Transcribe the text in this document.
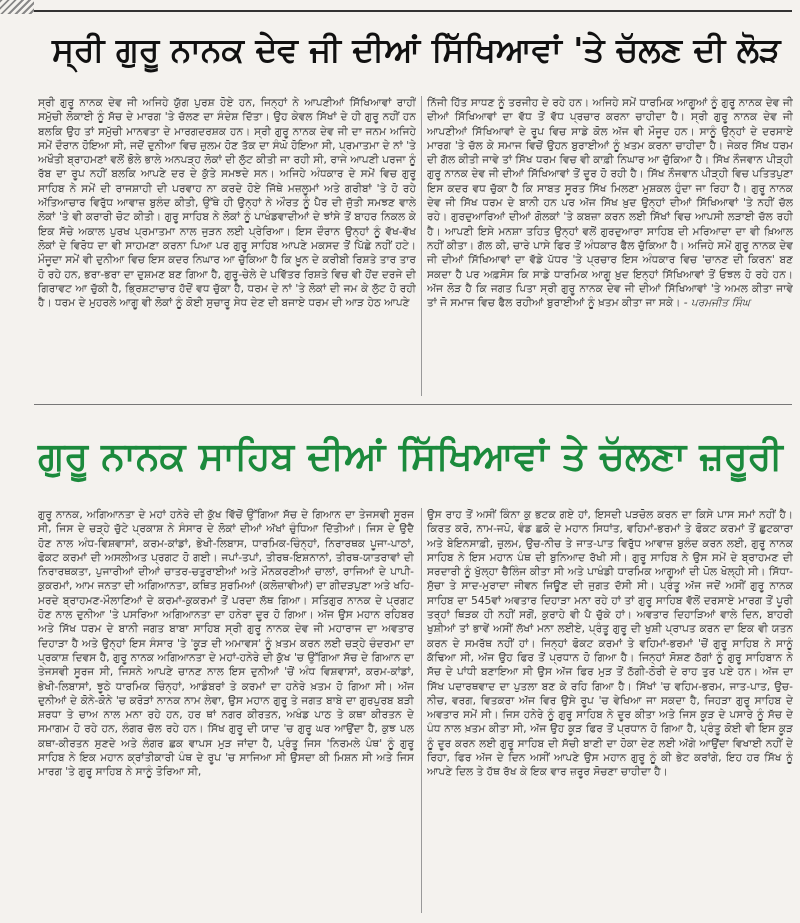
ਸ੍ਰੀ ਗੁਰੂ ਨਾਨਕ ਦੇਵ ਜੀ ਦੀਆਂ ਸਿੱਖਿਆਵਾਂ 'ਤੇ ਚੱਲਣ ਦੀ ਲੋੜ

ਸ੍ਰੀ ਗੁਰੂ ਨਾਨਕ ਦੇਵ ਜੀ ਅਜਿਹੇ ਯੁੱਗ ਪੁਰਸ਼ ਹੋਏ ਹਨ, ਜਿਨ੍ਹਾਂ ਨੇ ਆਪਣੀਆਂ ਸਿੱਖਿਆਵਾਂ ਰਾਹੀਂ ਸਮੁੱਚੀ ਲੋਕਾਈ ਨੂੰ ਸੱਚ ਦੇ ਮਾਰਗ 'ਤੇ ਚੱਲਣ ਦਾ ਸੰਦੇਸ਼ ਦਿੱਤਾ। ਉਹ ਕੇਵਲ ਸਿੱਖਾਂ ਦੇ ਹੀ ਗੁਰੂ ਨਹੀਂ ਹਨ ਬਲਕਿ ਉਹ ਤਾਂ ਸਮੁੱਚੀ ਮਾਨਵਤਾ ਦੇ ਮਾਰਗਦਰਸ਼ਕ ਹਨ। ਸ੍ਰੀ ਗੁਰੂ ਨਾਨਕ ਦੇਵ ਜੀ ਦਾ ਜਨਮ ਅਜਿਹੇ ਸਮੇਂ ਦੌਰਾਨ ਹੋਇਆ ਸੀ, ਜਦੋਂ ਦੁਨੀਆ ਵਿਚ ਜ਼ੁਲਮ ਹੋਣ ਤੱਕ ਦਾ ਸੰਘੋ ਹੋਇਆ ਸੀ, ਪ੍ਰਮਾਤਮਾ ਦੇ ਨਾਂ 'ਤੇ ਅਖੌਤੀ ਬ੍ਰਾਹਮਣਾਂ ਵਲੋਂ ਭੋਲੇ ਭਾਲੇ ਅਨਪੜ੍ਹ ਲੋਕਾਂ ਦੀ ਲੁੱਟ ਕੀਤੀ ਜਾ ਰਹੀ ਸੀ, ਰਾਜੇ ਆਪਣੀ ਪਰਜਾ ਨੂੰ ਰੱਬ ਦਾ ਰੂਪ ਨਹੀਂ ਬਲਕਿ ਆਪਣੇ ਦਰ ਦੇ ਕੁੱਤੇ ਸਮਝਦੇ ਸਨ। ਅਜਿਹੇ ਅੰਧਕਾਰ ਦੇ ਸਮੇਂ ਵਿਚ ਗੁਰੂ ਸਾਹਿਬ ਨੇ ਸਮੇਂ ਦੀ ਰਾਜਸ਼ਾਹੀ ਦੀ ਪਰਵਾਹ ਨਾ ਕਰਦੇ ਹੋਏ ਜਿੱਥੇ ਮਜ਼ਲੂਮਾਂ ਅਤੇ ਗਰੀਬਾਂ 'ਤੇ ਹੋ ਰਹੇ ਅੱਤਿਆਚਾਰ ਵਿਰੁੱਧ ਆਵਾਜ਼ ਬੁਲੰਦ ਕੀਤੀ, ਉੱਥੇ ਹੀ ਉਨ੍ਹਾਂ ਨੇ ਔਰਤ ਨੂੰ ਪੈਰ ਦੀ ਜੁੱਤੀ ਸਮਝਣ ਵਾਲੇ ਲੋਕਾਂ 'ਤੇ ਵੀ ਕਰਾਰੀ ਚੋਟ ਕੀਤੀ। ਗੁਰੂ ਸਾਹਿਬ ਨੇ ਲੋਕਾਂ ਨੂੰ ਪਾਖੰਡਵਾਦੀਆਂ ਦੇ ਝਾਂਸੇ ਤੋਂ ਬਾਹਰ ਨਿਕਲ ਕੇ ਇਕ ਸੱਚੇ ਅਕਾਲ ਪੁਰਖ ਪ੍ਰਮਾਤਮਾ ਨਾਲ ਜੁੜਨ ਲਈ ਪ੍ਰੇਰਿਆ। ਇਸ ਦੌਰਾਨ ਉਨ੍ਹਾਂ ਨੂੰ ਵੱਖ-ਵੱਖ ਲੋਕਾਂ ਦੇ ਵਿਰੋਧ ਦਾ ਵੀ ਸਾਹਮਣਾ ਕਰਨਾ ਪਿਆ ਪਰ ਗੁਰੂ ਸਾਹਿਬ ਆਪਣੇ ਮਕਸਦ ਤੋਂ ਪਿੱਛੇ ਨਹੀਂ ਹਟੇ। ਮੌਜੂਦਾ ਸਮੇਂ ਵੀ ਦੁਨੀਆ ਵਿਚ ਇਸ ਕਦਰ ਨਿਘਾਰ ਆ ਚੁੱਕਿਆ ਹੈ ਕਿ ਖ਼ੂਨ ਦੇ ਕਰੀਬੀ ਰਿਸ਼ਤੇ ਤਾਰ ਤਾਰ ਹੋ ਰਹੇ ਹਨ, ਭਰਾ-ਭਰਾ ਦਾ ਦੁਸ਼ਮਣ ਬਣ ਗਿਆ ਹੈ, ਗੁਰੂ-ਚੇਲੇ ਦੇ ਪਵਿੱਤਰ ਰਿਸ਼ਤੇ ਵਿਚ ਵੀ ਹੋਂਦ ਦਰਜੇ ਦੀ ਗਿਰਾਵਟ ਆ ਚੁੱਕੀ ਹੈ, ਭ੍ਰਿਸ਼ਟਾਚਾਰ ਹੱਦੋਂ ਵਧ ਚੁੱਕਾ ਹੈ, ਧਰਮ ਦੇ ਨਾਂ 'ਤੇ ਲੋਕਾਂ ਦੀ ਜਮ ਕੇ ਲੁੱਟ ਹੋ ਰਹੀ ਹੈ। ਧਰਮ ਦੇ ਮੁਹਰਲੇ ਆਗੂ ਵੀ ਲੋਕਾਂ ਨੂੰ ਕੋਈ ਸੁਚਾਰੂ ਸੇਧ ਦੇਣ ਦੀ ਬਜਾਏ ਧਰਮ ਦੀ ਆੜ ਹੇਠ ਆਪਣੇ

ਨਿੱਜੀ ਹਿੱਤ ਸਾਧਣ ਨੂੰ ਤਰਜੀਹ ਦੇ ਰਹੇ ਹਨ। ਅਜਿਹੇ ਸਮੇਂ ਧਾਰਮਿਕ ਆਗੂਆਂ ਨੂੰ ਗੁਰੂ ਨਾਨਕ ਦੇਵ ਜੀ ਦੀਆਂ ਸਿੱਖਿਆਵਾਂ ਦਾ ਵੱਧ ਤੋਂ ਵੱਧ ਪ੍ਰਚਾਰ ਕਰਨਾ ਚਾਹੀਦਾ ਹੈ। ਸ੍ਰੀ ਗੁਰੂ ਨਾਨਕ ਦੇਵ ਜੀ ਆਪਣੀਆਂ ਸਿੱਖਿਆਵਾਂ ਦੇ ਰੂਪ ਵਿਚ ਸਾਡੇ ਕੋਲ ਅੱਜ ਵੀ ਮੌਜੂਦ ਹਨ। ਸਾਨੂੰ ਉਨ੍ਹਾਂ ਦੇ ਦਰਸਾਏ ਮਾਰਗ 'ਤੇ ਚੱਲ ਕੇ ਸਮਾਜ ਵਿਚੋਂ ਉਹਨ ਬੁਰਾਈਆਂ ਨੂੰ ਖ਼ਤਮ ਕਰਨਾ ਚਾਹੀਦਾ ਹੈ। ਜੇਕਰ ਸਿੱਖ ਧਰਮ ਦੀ ਗੱਲ ਕੀਤੀ ਜਾਵੇ ਤਾਂ ਸਿੱਖ ਧਰਮ ਵਿਚ ਵੀ ਕਾਫ਼ੀ ਨਿਘਾਰ ਆ ਚੁੱਕਿਆ ਹੈ। ਸਿੱਖ ਨੌਜਵਾਨ ਪੀੜ੍ਹੀ ਗੁਰੂ ਨਾਨਕ ਦੇਵ ਜੀ ਦੀਆਂ ਸਿੱਖਿਆਵਾਂ ਤੋਂ ਦੂਰ ਹੋ ਰਹੀ ਹੈ। ਸਿੱਖ ਨੌਜਵਾਨ ਪੀੜ੍ਹੀ ਵਿਚ ਪਤਿਤਪੁਣਾ ਇਸ ਕਦਰ ਵਧ ਚੁੱਕਾ ਹੈ ਕਿ ਸਾਬਤ ਸੂਰਤ ਸਿੱਖ ਮਿਲਣਾ ਮੁਸ਼ਕਲ ਹੁੰਦਾ ਜਾ ਰਿਹਾ ਹੈ। ਗੁਰੂ ਨਾਨਕ ਦੇਵ ਜੀ ਸਿੱਖ ਧਰਮ ਦੇ ਬਾਨੀ ਹਨ ਪਰ ਅੱਜ ਸਿੱਖ ਖ਼ੁਦ ਉਨ੍ਹਾਂ ਦੀਆਂ ਸਿੱਖਿਆਵਾਂ 'ਤੇ ਨਹੀਂ ਚੱਲ ਰਹੇ। ਗੁਰਦੁਆਰਿਆਂ ਦੀਆਂ ਗੋਲਕਾਂ 'ਤੇ ਕਬਜ਼ਾ ਕਰਨ ਲਈ ਸਿੱਖਾਂ ਵਿਚ ਆਪਸੀ ਲੜਾਈ ਚੱਲ ਰਹੀ ਹੈ। ਆਪਣੀ ਇਸੇ ਮਨਸ਼ਾ ਤਹਿਤ ਉਨ੍ਹਾਂ ਵਲੋਂ ਗੁਰਦੁਆਰਾ ਸਾਹਿਬ ਦੀ ਮਰਿਆਦਾ ਦਾ ਵੀ ਖ਼ਿਆਲ ਨਹੀਂ ਕੀਤਾ। ਗੱਲ ਕੀ, ਚਾਰੇ ਪਾਸੇ ਫਿਰ ਤੋਂ ਅੰਧਕਾਰ ਫੈਲ ਚੁੱਕਿਆ ਹੈ। ਅਜਿਹੇ ਸਮੇਂ ਗੁਰੂ ਨਾਨਕ ਦੇਵ ਜੀ ਦੀਆਂ ਸਿੱਖਿਆਵਾਂ ਦਾ ਵੱਡੇ ਪੱਧਰ 'ਤੇ ਪ੍ਰਚਾਰ ਇਸ ਅੰਧਕਾਰ ਵਿਚ 'ਚਾਨਣ ਦੀ ਕਿਰਨ' ਬਣ ਸਕਦਾ ਹੈ ਪਰ ਅਫ਼ਸੋਸ ਕਿ ਸਾਡੇ ਧਾਰਮਿਕ ਆਗੂ ਖ਼ੁਦ ਇਨ੍ਹਾਂ ਸਿੱਖਿਆਵਾਂ ਤੋਂ ਓਝਲ ਹੋ ਰਹੇ ਹਨ। ਅੱਜ ਲੋੜ ਹੈ ਕਿ ਜਗਤ ਪਿਤਾ ਸ੍ਰੀ ਗੁਰੂ ਨਾਨਕ ਦੇਵ ਜੀ ਦੀਆਂ ਸਿੱਖਿਆਵਾਂ 'ਤੇ ਅਮਲ ਕੀਤਾ ਜਾਵੇ ਤਾਂ ਜੋ ਸਮਾਜ ਵਿਚ ਫੈਲ ਰਹੀਆਂ ਬੁਰਾਈਆਂ ਨੂੰ ਖ਼ਤਮ ਕੀਤਾ ਜਾ ਸਕੇ। - ਪਰਮਜੀਤ ਸਿੰਘ

ਗੁਰੂ ਨਾਨਕ ਸਾਹਿਬ ਦੀਆਂ ਸਿੱਖਿਆਵਾਂ ਤੇ ਚੱਲਣਾ ਜ਼ਰੂਰੀ

ਗੁਰੂ ਨਾਨਕ, ਅਗਿਆਨਤਾ ਦੇ ਮਹਾਂ ਹਨੇਰੇ ਦੀ ਕੁੱਖ ਵਿੱਚੋਂ ਉੱਗਿਆ ਸੱਚ ਦੇ ਗਿਆਨ ਦਾ ਤੇਜਸਵੀ ਸੂਰਜ ਸੀ, ਜਿਸ ਦੇ ਚੜ੍ਹੇ ਚੁੱਟੇ ਪ੍ਰਕਾਸ਼ ਨੇ ਸੰਸਾਰ ਦੇ ਲੋਕਾਂ ਦੀਆਂ ਅੱਖਾਂ ਚੁੰਧਿਆ ਦਿੱਤੀਆਂ। ਜਿਸ ਦੇ ਉਦੈ ਹੋਣ ਨਾਲ ਅੰਧ-ਵਿਸ਼ਵਾਸਾਂ, ਕਰਮ-ਕਾਂਡਾਂ, ਭੇਖੀ-ਲਿਬਾਸ, ਧਾਰਮਿਕ-ਚਿੰਨ੍ਹਾਂ, ਨਿਰਾਰਥਕ ਪੂਜਾ-ਪਾਠਾਂ, ਫੋਕਟ ਕਰਮਾਂ ਦੀ ਅਸਲੀਅਤ ਪ੍ਰਗਟ ਹੋ ਗਈ। ਜਪਾਂ-ਤਪਾਂ, ਤੀਰਥ-ਇਸ਼ਨਾਨਾਂ, ਤੀਰਥ-ਯਾਤਰਾਵਾਂ ਦੀ ਨਿਰਾਰਥਕਤਾ, ਪੁਜਾਰੀਆਂ ਦੀਆਂ ਚਾਤਰ-ਚਤੁਰਾਈਆਂ ਅਤੇ ਮੌਨਕਰਣੀਆਂ ਚਾਲਾਂ, ਰਾਜਿਆਂ ਦੇ ਪਾਪੀ-ਕੁਕਰਮਾਂ, ਆਮ ਜਨਤਾ ਦੀ ਅਗਿਆਨਤਾ, ਕਥਿਤ ਸੁਰਮਿਆਂ (ਕਲੋਜ਼ਾਵੀਆਂ) ਦਾ ਗੀਦੜਪੁਣਾ ਅਤੇ ਖਹਿ-ਮਰਦੇ ਬ੍ਰਾਹਮਣ-ਮੌਲਾਣਿਆਂ ਦੇ ਕਰਮਾਂ-ਕੁਕਰਮਾਂ ਤੋਂ ਪਰਦਾ ਲੱਥ ਗਿਆ। ਸਤਿਗੁਰ ਨਾਨਕ ਦੇ ਪ੍ਰਗਟ ਹੋਣ ਨਾਲ ਦੁਨੀਆ 'ਤੇ ਪਸਰਿਆ ਅਗਿਆਨਤਾ ਦਾ ਹਨੇਰਾ ਦੂਰ ਹੋ ਗਿਆ। ਅੱਜ ਉਸ ਮਹਾਨ ਰਹਿਬਰ ਅਤੇ ਸਿੱਖ ਧਰਮ ਦੇ ਬਾਨੀ ਜਗਤ ਬਾਬਾ ਸਾਹਿਬ ਸ੍ਰੀ ਗੁਰੂ ਨਾਨਕ ਦੇਵ ਜੀ ਮਹਾਰਾਜ ਦਾ ਅਵਤਾਰ ਦਿਹਾੜਾ ਹੈ ਅਤੇ ਉਨ੍ਹਾਂ ਇਸ ਸੰਸਾਰ 'ਤੇ 'ਕੂੜ ਦੀ ਅਮਾਵਸ' ਨੂੰ ਖ਼ਤਮ ਕਰਨ ਲਈ ਚੜ੍ਹੇ ਚੰਦਰਮਾ ਦਾ ਪ੍ਰਕਾਸ਼ ਦਿਵਸ ਹੈ, ਗੁਰੂ ਨਾਨਕ ਅਗਿਆਨਤਾ ਦੇ ਮਹਾਂ-ਹਨੇਰੇ ਦੀ ਕੁੱਖ 'ਚ ਉੱਗਿਆ ਸੱਚ ਦੇ ਗਿਆਨ ਦਾ ਤੇਜਸਵੀ ਸੂਰਜ ਸੀ, ਜਿਸਨੇ ਆਪਣੇ ਚਾਨਣ ਨਾਲ ਇਸ ਦੁਨੀਆਂ 'ਚੋਂ ਅੰਧ ਵਿਸ਼ਵਾਸਾਂ, ਕਰਮ-ਕਾਂਡਾਂ, ਭੇਖੀ-ਲਿਬਾਸਾਂ, ਝੂਠੇ ਧਾਰਮਿਕ ਚਿੰਨ੍ਹਾਂ, ਆਡੰਬਰਾਂ ਤੇ ਕਰਮਾਂ ਦਾ ਹਨੇਰੇ ਖ਼ਤਮ ਹੋ ਗਿਆ ਸੀ। ਅੱਜ ਦੁਨੀਆਂ ਦੇ ਕੋਨੇ-ਕੋਨੇ 'ਚ ਕਰੋੜਾਂ ਨਾਨਕ ਨਾਮ ਲੇਵਾ, ਉਸ ਮਹਾਨ ਗੁਰੂ ਤੇ ਜਗਤ ਬਾਬੇ ਦਾ ਗੁਰਪੁਰਬ ਬੜੀ ਸ਼ਰਧਾ ਤੇ ਚਾਅ ਨਾਲ ਮਨਾ ਰਹੇ ਹਨ, ਹਰ ਥਾਂ ਨਗਰ ਕੀਰਤਨ, ਅਖੰਡ ਪਾਠ ਤੇ ਕਥਾ ਕੀਰਤਨ ਦੇ ਸਮਾਗਮ ਹੋ ਰਹੇ ਹਨ, ਲੰਗਰ ਚੱਲ ਰਹੇ ਹਨ। ਸਿੱਖ ਗੁਰੂ ਦੀ ਯਾਦ 'ਚ ਗੁਰੂ ਘਰ ਆਉਂਦਾ ਹੈ, ਕੁਝ ਪਲ ਕਥਾ-ਕੀਰਤਨ ਸੁਣਦੇ ਅਤੇ ਲੰਗਰ ਛਕ ਵਾਪਸ ਮੁੜ ਜਾਂਦਾ ਹੈ, ਪ੍ਰੰਤੂ ਜਿਸ 'ਨਿਰਮਲੇ ਪੰਥ' ਨੂੰ ਗੁਰੂ ਸਾਹਿਬ ਨੇ ਇਕ ਮਹਾਨ ਕ੍ਰਾਂਤੀਕਾਰੀ ਪੰਥ ਦੇ ਰੂਪ 'ਚ ਸਾਜਿਆ ਸੀ ਉਸਦਾ ਕੀ ਮਿਸ਼ਨ ਸੀ ਅਤੇ ਜਿਸ ਮਾਰਗ 'ਤੇ ਗੁਰੂ ਸਾਹਿਬ ਨੇ ਸਾਨੂੰ ਤੋਰਿਆ ਸੀ,

ਉਸ ਰਾਹ ਤੋਂ ਅਸੀਂ ਕਿੰਨਾ ਕੁ ਭਟਕ ਗਏ ਹਾਂ, ਇਸਦੀ ਪੜਚੋਲ ਕਰਨ ਦਾ ਕਿਸੇ ਪਾਸ ਸਮਾਂ ਨਹੀਂ ਹੈ। ਕਿਰਤ ਕਰੋ, ਨਾਮ-ਜਪੋ, ਵੰਡ ਛਕੋ ਦੇ ਮਹਾਨ ਸਿਧਾਂਤ, ਵਹਿਮਾਂ-ਭਰਮਾਂ ਤੇ ਫੋਕਟ ਕਰਮਾਂ ਤੋਂ ਛੁਟਕਾਰਾ ਅਤੇ ਬੇਇਨਸਾਫ਼ੀ, ਜ਼ੁਲਮ, ਉਚ-ਨੀਚ ਤੇ ਜਾਤ-ਪਾਤ ਵਿਰੁੱਧ ਆਵਾਜ਼ ਬੁਲੰਦ ਕਰਨ ਲਈ, ਗੁਰੂ ਨਾਨਕ ਸਾਹਿਬ ਨੇ ਇਸ ਮਹਾਨ ਪੰਥ ਦੀ ਬੁਨਿਆਦ ਰੱਖੀ ਸੀ। ਗੁਰੂ ਸਾਹਿਬ ਨੇ ਉਸ ਸਮੇਂ ਦੇ ਬ੍ਰਾਹਮਣ ਦੀ ਸਰਦਾਰੀ ਨੂੰ ਖੁੱਲ੍ਹਾ ਚੈਲਿੰਜ ਕੀਤਾ ਸੀ ਅਤੇ ਪਾਖੰਡੀ ਧਾਰਮਿਕ ਆਗੂਆਂ ਦੀ ਪੋਲ ਖੋਲ੍ਹੀ ਸੀ। ਸਿੱਧਾ-ਸੁੱਚਾ ਤੇ ਸਾਦ-ਮੁਰਾਦਾ ਜੀਵਨ ਜਿਊਣ ਦੀ ਜੁਗਤ ਦੱਸੀ ਸੀ। ਪ੍ਰੰਤੂ ਅੱਜ ਜਦੋਂ ਅਸੀਂ ਗੁਰੂ ਨਾਨਕ ਸਾਹਿਬ ਦਾ 545ਵਾਂ ਅਵਤਾਰ ਦਿਹਾੜਾ ਮਨਾ ਰਹੇ ਹਾਂ ਤਾਂ ਗੁਰੂ ਸਾਹਿਬ ਵੱਲੋਂ ਦਰਸਾਏ ਮਾਰਗ ਤੋਂ ਪੂਰੀ ਤਰ੍ਹਾਂ ਥਿੜਕ ਹੀ ਨਹੀਂ ਸਗੋਂ, ਕੁਰਾਹੇ ਵੀ ਪੈ ਚੁੱਕੇ ਹਾਂ। ਅਵਤਾਰ ਦਿਹਾੜਿਆਂ ਵਾਲੇ ਦਿਨ, ਬਾਹਰੀ ਖੁਸ਼ੀਆਂ ਤਾਂ ਭਾਵੇਂ ਅਸੀਂ ਲੱਖਾਂ ਮਨਾ ਲਈਏ, ਪ੍ਰੰਤੂ ਗੁਰੂ ਦੀ ਖੁਸ਼ੀ ਪ੍ਰਾਪਤ ਕਰਨ ਦਾ ਇਕ ਵੀ ਯਤਨ ਕਰਨ ਦੇ ਸਮਰੱਥ ਨਹੀਂ ਹਾਂ। ਜਿਨ੍ਹਾਂ ਫੋਕਟ ਕਰਮਾਂ ਤੇ ਵਹਿਮਾਂ-ਭਰਮਾਂ 'ਚੋਂ ਗੁਰੂ ਸਾਹਿਬ ਨੇ ਸਾਨੂੰ ਕੱਢਿਆ ਸੀ, ਅੱਜ ਉਹ ਫਿਰ ਤੋਂ ਪ੍ਰਧਾਨ ਹੋ ਗਿਆ ਹੈ। ਜਿਨ੍ਹਾਂ ਸੋਸ਼ਣ ਠੱਗਾਂ ਨੂੰ ਗੁਰੂ ਸਾਹਿਬਾਨ ਨੇ ਸੱਚ ਦੇ ਪਾਂਧੀ ਬਣਾਇਆ ਸੀ ਉਸ ਅੱਜ ਫਿਰ ਮੁੜ ਤੋਂ ਠੱਗੀ-ਠੋਰੀ ਦੇ ਰਾਹ ਤੁਰ ਪਏ ਹਨ। ਅੱਜ ਦਾ ਸਿੱਖ ਪਦਾਰਥਵਾਦ ਦਾ ਪੁਤਲਾ ਬਣ ਕੇ ਰਹਿ ਗਿਆ ਹੈ। ਸਿੱਖਾਂ 'ਚ ਵਹਿਮ-ਭਰਮ, ਜਾਤ-ਪਾਤ, ਉਚ-ਨੀਚ, ਵਰਗ, ਵਿਤਕਰਾ ਅੱਜ ਵਿਰ ਉਸੇ ਰੂਪ 'ਚ ਵੇਖਿਆ ਜਾ ਸਕਦਾ ਹੈ, ਜਿਹੜਾ ਗੁਰੂ ਸਾਹਿਬ ਦੇ ਅਵਤਾਰ ਸਮੇਂ ਸੀ। ਜਿਸ ਹਨੇਰੇ ਨੂੰ ਗੁਰੂ ਸਾਹਿਬ ਨੇ ਦੂਰ ਕੀਤਾ ਅਤੇ ਜਿਸ ਕੂੜ ਦੇ ਪਸਾਰੇ ਨੂੰ ਸੱਚ ਦੇ ਪੰਧ ਨਾਲ ਖ਼ਤਮ ਕੀਤਾ ਸੀ, ਅੱਜ ਉਹ ਕੂੜ ਫਿਰ ਤੋਂ ਪ੍ਰਧਾਨ ਹੋ ਗਿਆ ਹੈ, ਪ੍ਰੰਤੂ ਕੋਈ ਵੀ ਇਸ ਕੂੜ ਨੂੰ ਦੂਰ ਕਰਨ ਲਈ ਗੁਰੂ ਸਾਹਿਬ ਦੀ ਸੱਚੀ ਬਾਣੀ ਦਾ ਹੋਕਾ ਦੇਣ ਲਈ ਅੱਗੇ ਆਉਂਦਾ ਵਿਖਾਈ ਨਹੀਂ ਦੇ ਰਿਹਾ, ਫਿਰ ਅੱਜ ਦੇ ਦਿਨ ਅਸੀਂ ਆਪਣੇ ਉਸ ਮਹਾਨ ਗੁਰੂ ਨੂੰ ਕੀ ਭੇਟ ਕਰਾਂਗੇ, ਇਹ ਹਰ ਸਿੱਖ ਨੂੰ ਆਪਣੇ ਦਿਲ ਤੇ ਹੱਥ ਰੱਖ ਕੇ ਇਕ ਵਾਰ ਜ਼ਰੂਰ ਸੋਚਣਾ ਚਾਹੀਦਾ ਹੈ।
